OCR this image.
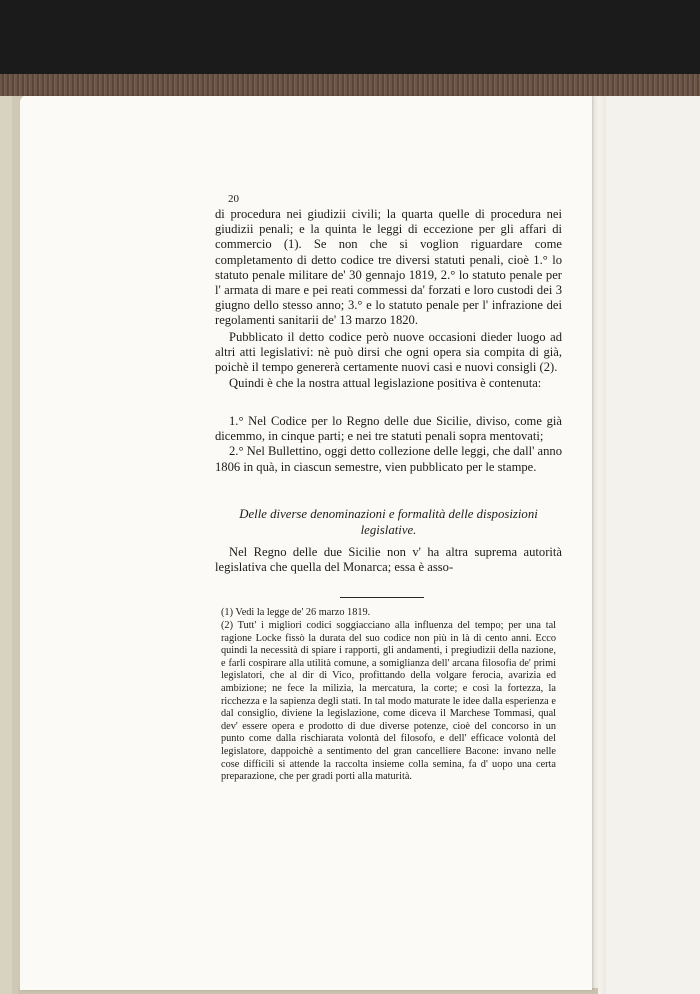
20

di procedura nei giudizii civili; la quarta quelle di procedura nei giudizii penali; e la quinta le leggi di eccezione per gli affari di commercio (1). Se non che si voglion riguardare come completamento di detto codice tre diversi statuti penali, cioè 1.° lo statuto penale militare de' 30 gennajo 1819, 2.° lo statuto penale per l' armata di mare e pei reati commessi da' forzati e loro custodi dei 3 giugno dello stesso anno; 3.° e lo statuto penale per l' infrazione dei regolamenti sanitarii de' 13 marzo 1820.

Pubblicato il detto codice però nuove occasioni dieder luogo ad altri atti legislativi: nè può dirsi che ogni opera sia compita di già, poichè il tempo genererà certamente nuovi casi e nuovi consigli (2).

Quindi è che la nostra attual legislazione positiva è contenuta:

1.° Nel Codice per lo Regno delle due Sicilie, diviso, come già dicemmo, in cinque parti; e nei tre statuti penali sopra mentovati;

2.° Nel Bullettino, oggi detto collezione delle leggi, che dall' anno 1806 in quà, in ciascun semestre, vien pubblicato per le stampe.

Delle diverse denominazioni e formalità delle disposizioni legislative.

Nel Regno delle due Sicilie non v' ha altra suprema autorità legislativa che quella del Monarca; essa è asso-

(1) Vedi la legge de' 26 marzo 1819.

(2) Tutt' i migliori codici soggiacciano alla influenza del tempo; per una tal ragione Locke fissò la durata del suo codice non più in là di cento anni. Ecco quindi la necessità di spiare i rapporti, gli andamenti, i pregiudizii della nazione, e farli cospirare alla utilità comune, a somiglianza dell' arcana filosofia de' primi legislatori, che al dir di Vico, profittando della volgare ferocia, avarizia ed ambizione; ne fece la milizia, la mercatura, la corte; e così la fortezza, la ricchezza e la sapienza degli stati. In tal modo maturate le idee dalla esperienza e dal consiglio, diviene la legislazione, come diceva il Marchese Tommasi, qual dev' essere opera e prodotto di due diverse potenze, cioè del concorso in un punto come dalla rischiarata volontà del filosofo, e dell' efficace volontà del legislatore, dappoichè a sentimento del gran cancelliere Bacone: invano nelle cose difficili si attende la raccolta insieme colla semina, fa d' uopo una certa preparazione, che per gradi porti alla maturità.
